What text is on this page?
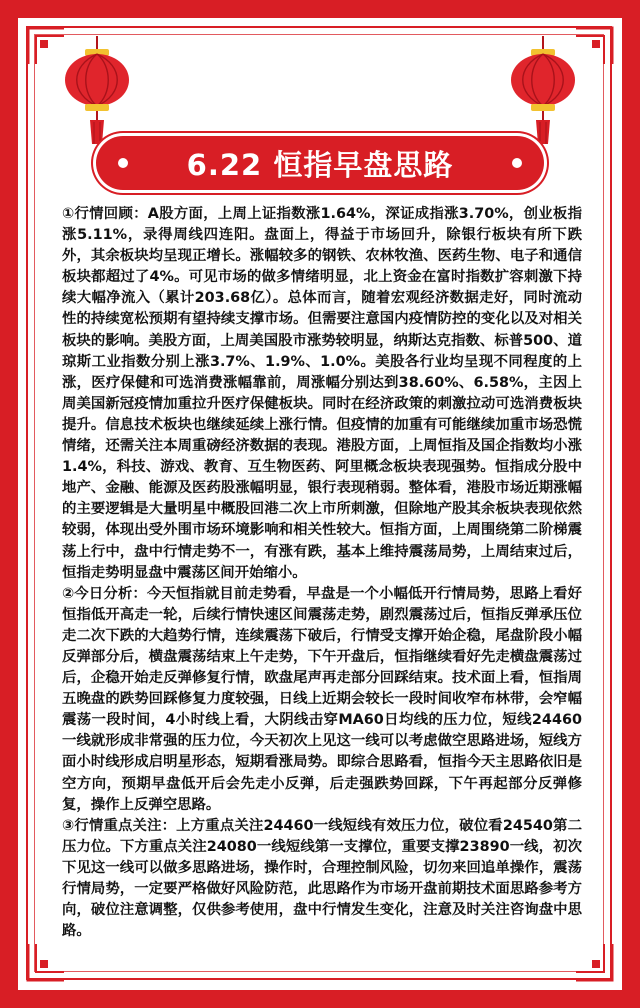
6.22 恒指早盘思路

①行情回顾：A股方面，上周上证指数涨1.64%，深证成指涨3.70%，创业板指涨5.11%，录得周线四连阳。盘面上，得益于市场回升，除银行板块有所下跌外，其余板块均呈现正增长。涨幅较多的钢铁、农林牧渔、医药生物、电子和通信板块都超过了4%。可见市场的做多情绪明显，北上资金在富时指数扩容刺激下持续大幅净流入（累计203.68亿）。总体而言，随着宏观经济数据走好，同时流动性的持续宽松预期有望持续支撑市场。但需要注意国内疫情防控的变化以及对相关板块的影响。美股方面，上周美国股市涨势较明显，纳斯达克指数、标普500、道琼斯工业指数分别上涨3.7%、1.9%、1.0%。美股各行业均呈现不同程度的上涨，医疗保健和可选消费涨幅靠前，周涨幅分别达到38.60%、6.58%，主因上周美国新冠疫情加重拉升医疗保健板块。同时在经济政策的刺激拉动可选消费板块提升。信息技术板块也继续延续上涨行情。但疫情的加重有可能继续加重市场恐慌情绪，还需关注本周重磅经济数据的表现。港股方面，上周恒指及国企指数均小涨1.4%，科技、游戏、教育、互生物医药、阿里概念板块表现强势。恒指成分股中地产、金融、能源及医药股涨幅明显，银行表现稍弱。整体看，港股市场近期涨幅的主要逻辑是大量明星中概股回港二次上市所刺激，但除地产股其余板块表现依然较弱，体现出受外围市场环境影响和相关性较大。恒指方面，上周围绕第二阶梯震荡上行中，盘中行情走势不一，有涨有跌，基本上维持震荡局势，上周结束过后，恒指走势明显盘中震荡区间开始缩小。

②今日分析：今天恒指就目前走势看，早盘是一个小幅低开行情局势，思路上看好恒指低开高走一轮，后续行情快速区间震荡走势，剧烈震荡过后，恒指反弹承压位走二次下跌的大趋势行情，连续震荡下破后，行情受支撑开始企稳，尾盘阶段小幅反弹部分后，横盘震荡结束上午走势，下午开盘后，恒指继续看好先走横盘震荡过后，企稳开始走反弹修复行情，欧盘尾声再走部分回踩结束。技术面上看，恒指周五晚盘的跌势回踩修复力度较强，日线上近期会较长一段时间收窄布林带，会窄幅震荡一段时间，4小时线上看，大阴线击穿MA60日均线的压力位，短线24460一线就形成非常强的压力位，今天初次上见这一线可以考虑做空思路进场，短线方面小时线形成启明星形态，短期看涨局势。即综合思路看，恒指今天主思路依旧是空方向，预期早盘低开后会先走小反弹，后走强跌势回踩，下午再起部分反弹修复，操作上反弹空思路。

③行情重点关注：上方重点关注24460一线短线有效压力位，破位看24540第二压力位。下方重点关注24080一线短线第一支撑位，重要支撑23890一线，初次下见这一线可以做多思路进场，操作时，合理控制风险，切勿来回追单操作，震荡行情局势，一定要严格做好风险防范，此思路作为市场开盘前期技术面思路参考方向，破位注意调整，仅供参考使用，盘中行情发生变化，注意及时关注咨询盘中思路。
